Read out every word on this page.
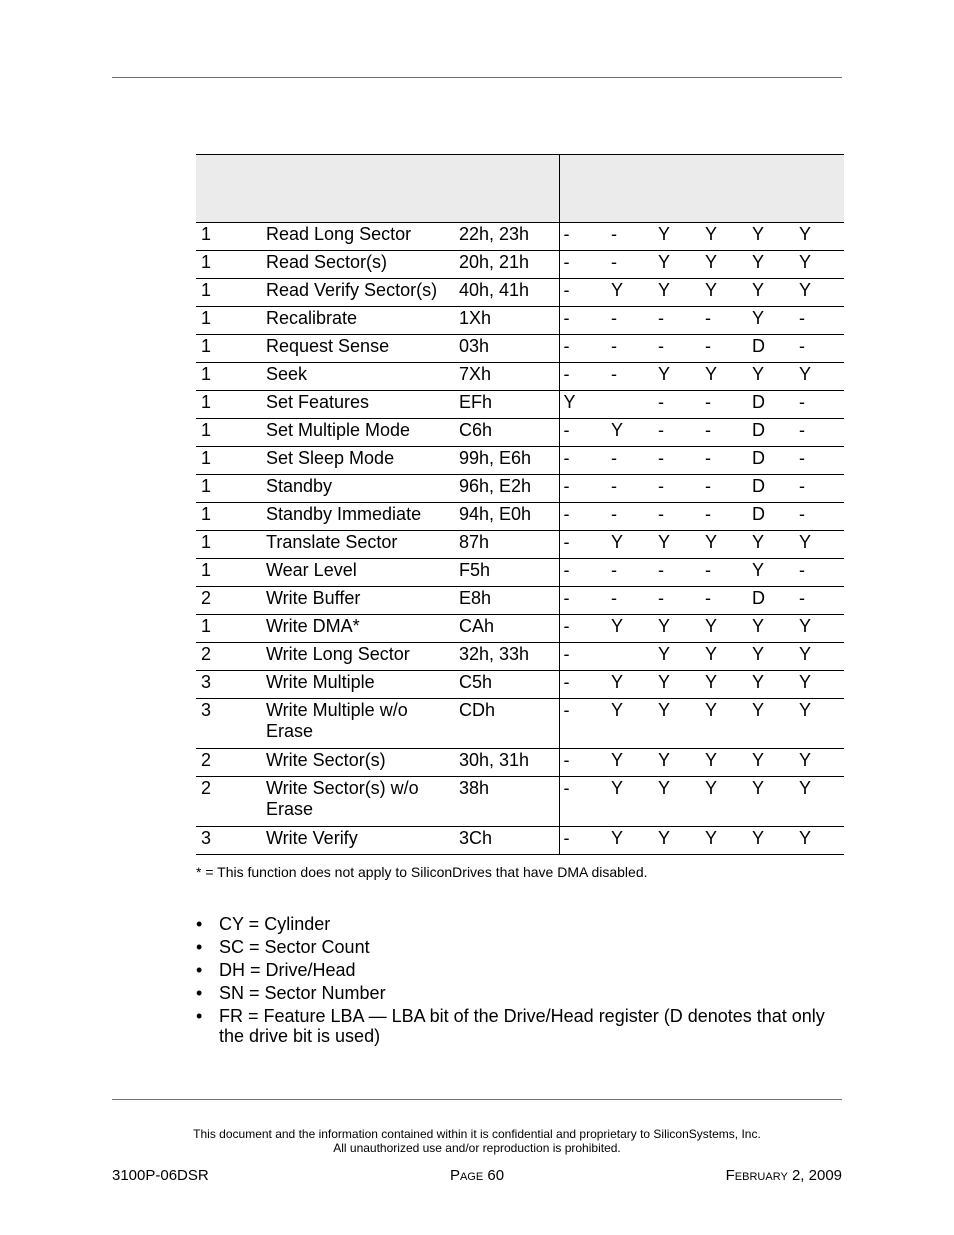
1	Read Long Sector	22h, 23h	-	-	Y	Y	Y	Y
1	Read Sector(s)	20h, 21h	-	-	Y	Y	Y	Y
1	Read Verify Sector(s)	40h, 41h	-	Y	Y	Y	Y	Y
1	Recalibrate	1Xh	-	-	-	-	Y	-
1	Request Sense	03h	-	-	-	-	D	-
1	Seek	7Xh	-	-	Y	Y	Y	Y
1	Set Features	EFh	Y		-	-	D	-
1	Set Multiple Mode	C6h	-	Y	-	-	D	-
1	Set Sleep Mode	99h, E6h	-	-	-	-	D	-
1	Standby	96h, E2h	-	-	-	-	D	-
1	Standby Immediate	94h, E0h	-	-	-	-	D	-
1	Translate Sector	87h	-	Y	Y	Y	Y	Y
1	Wear Level	F5h	-	-	-	-	Y	-
2	Write Buffer	E8h	-	-	-	-	D	-
1	Write DMA*	CAh	-	Y	Y	Y	Y	Y
2	Write Long Sector	32h, 33h	-		Y	Y	Y	Y
3	Write Multiple	C5h	-	Y	Y	Y	Y	Y
3	Write Multiple w/o Erase	CDh	-	Y	Y	Y	Y	Y
2	Write Sector(s)	30h, 31h	-	Y	Y	Y	Y	Y
2	Write Sector(s) w/o Erase	38h	-	Y	Y	Y	Y	Y
3	Write Verify	3Ch	-	Y	Y	Y	Y	Y
* = This function does not apply to SiliconDrives that have DMA disabled.
• CY = Cylinder
• SC = Sector Count
• DH = Drive/Head
• SN = Sector Number
• FR = Feature LBA — LBA bit of the Drive/Head register (D denotes that only the drive bit is used)
This document and the information contained within it is confidential and proprietary to SiliconSystems, Inc.
All unauthorized use and/or reproduction is prohibited.
3100P-06DSR	PAGE 60	FEBRUARY 2, 2009
